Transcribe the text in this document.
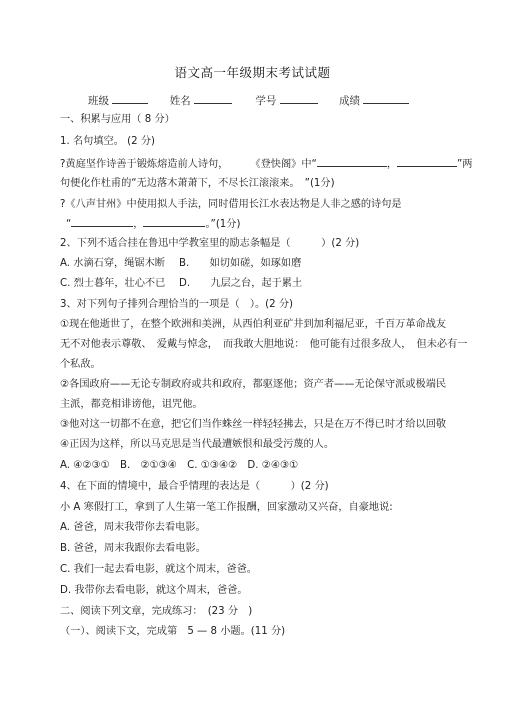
语文高一年级期末考试试题
班级	姓名	学号	成绩
一、积累与应用（ 8 分）
1. 名句填空。 (2 分)
?黄庭坚作诗善于锻炼熔造前人诗句， 《登快阁》中“	，	”两
句便化作杜甫的“无边落木萧萧下，不尽长江滚滚来。　”(1分)
?《八声甘州》中使用拟人手法，同时借用长江水表达物是人非之感的诗句是
“	，	。”(1分)
2、下列不适合挂在鲁迅中学教室里的励志条幅是（　　　）(2 分)
A. 水滴石穿，绳锯木断 B.　　如切如磋，如琢如磨
C. 烈士暮年，壮心不已 D.　　九层之台，起于累土
3、对下列句子排列合理恰当的一项是（　）。(2 分)
①现在他逝世了，在整个欧洲和美洲，从西伯利亚矿井到加利福尼亚，千百万革命战友
无不对他表示尊敬、　爱戴与悼念，　而我敢大胆地说：　他可能有过很多敌人，　但未必有一
个私敌。
②各国政府——无论专制政府或共和政府，都驱逐他；资产者——无论保守派或极端民
主派，都竞相诽谤他，诅咒他。
③他对这一切都不在意，把它们当作蛛丝一样轻轻拂去，只是在万不得已时才给以回敬
④正因为这样，所以马克思是当代最遭嫉恨和最受污蔑的人。
A. ④②③①　B.　②①③④　C. ①③④②　D. ②④③①
4、在下面的情境中，最合乎情理的表达是（　　　）(2 分)
小 A 寒假打工，拿到了人生第一笔工作报酬，回家激动又兴奋，自豪地说:
A. 爸爸，周末我带你去看电影。
B. 爸爸，周末我跟你去看电影。
C. 我们一起去看电影，就这个周末，爸爸。
D. 我带你去看电影，就这个周末，爸爸。
二、阅读下列文章，完成练习：　(23 分　)
（一）、阅读下文，完成第　5 — 8 小题。(11 分)
